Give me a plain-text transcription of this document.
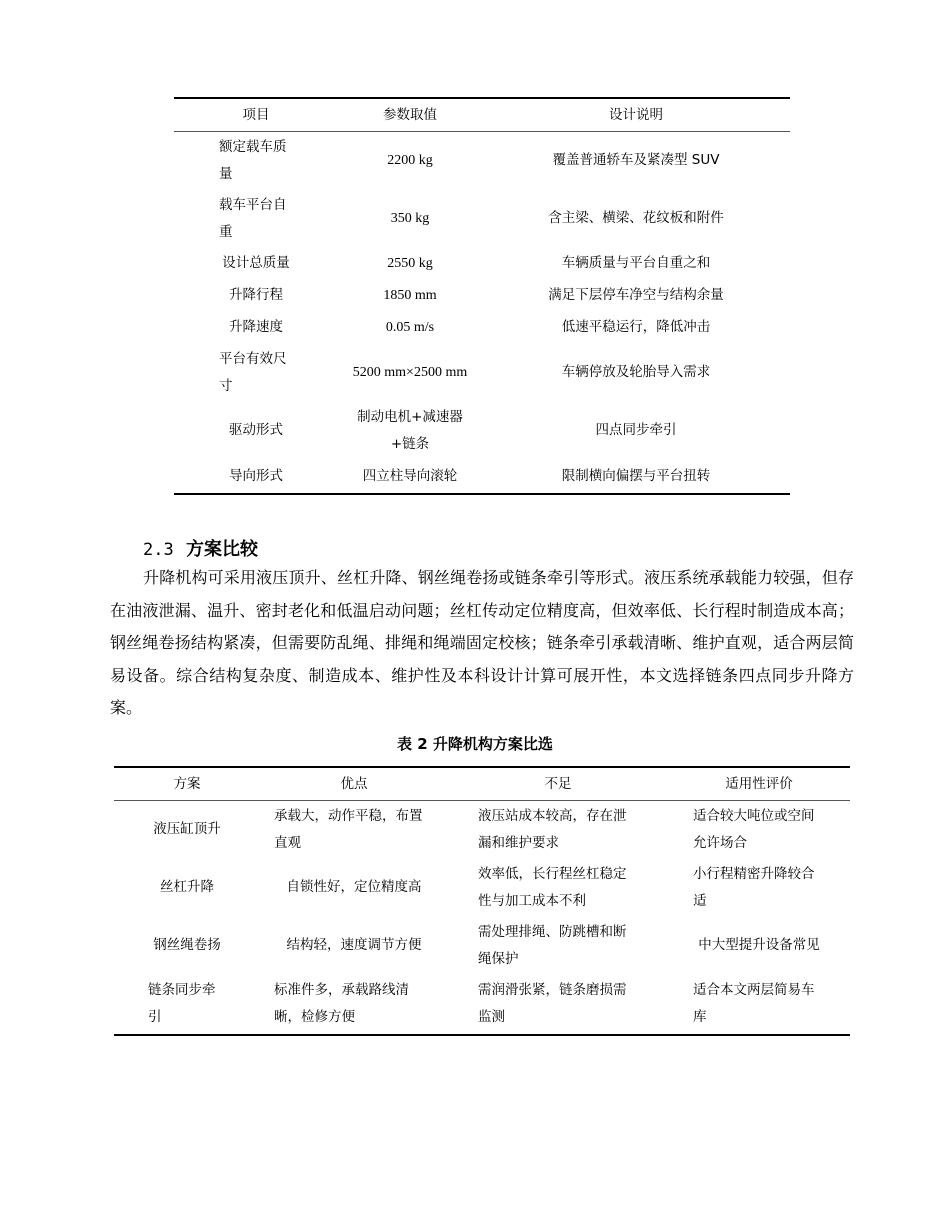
项目	参数取值	设计说明
额定载车质量	2200 kg	覆盖普通轿车及紧凑型 SUV
载车平台自重	350 kg	含主梁、横梁、花纹板和附件
设计总质量	2550 kg	车辆质量与平台自重之和
升降行程	1850 mm	满足下层停车净空与结构余量
升降速度	0.05 m/s	低速平稳运行，降低冲击
平台有效尺寸	5200 mm×2500 mm	车辆停放及轮胎导入需求
驱动形式	制动电机+减速器+链条	四点同步牵引
导向形式	四立柱导向滚轮	限制横向偏摆与平台扭转
2.3 方案比较
升降机构可采用液压顶升、丝杠升降、钢丝绳卷扬或链条牵引等形式。液压系统承载能力较强，但存在油液泄漏、温升、密封老化和低温启动问题；丝杠传动定位精度高，但效率低、长行程时制造成本高；钢丝绳卷扬结构紧凑，但需要防乱绳、排绳和绳端固定校核；链条牵引承载清晰、维护直观，适合两层简易设备。综合结构复杂度、制造成本、维护性及本科设计计算可展开性，本文选择链条四点同步升降方案。
表 2 升降机构方案比选
方案	优点	不足	适用性评价
液压缸顶升	承载大，动作平稳，布置直观	液压站成本较高，存在泄漏和维护要求	适合较大吨位或空间允许场合
丝杠升降	自锁性好，定位精度高	效率低，长行程丝杠稳定性与加工成本不利	小行程精密升降较合适
钢丝绳卷扬	结构轻，速度调节方便	需处理排绳、防跳槽和断绳保护	中大型提升设备常见
链条同步牵引	标准件多，承载路线清晰，检修方便	需润滑张紧，链条磨损需监测	适合本文两层简易车库
